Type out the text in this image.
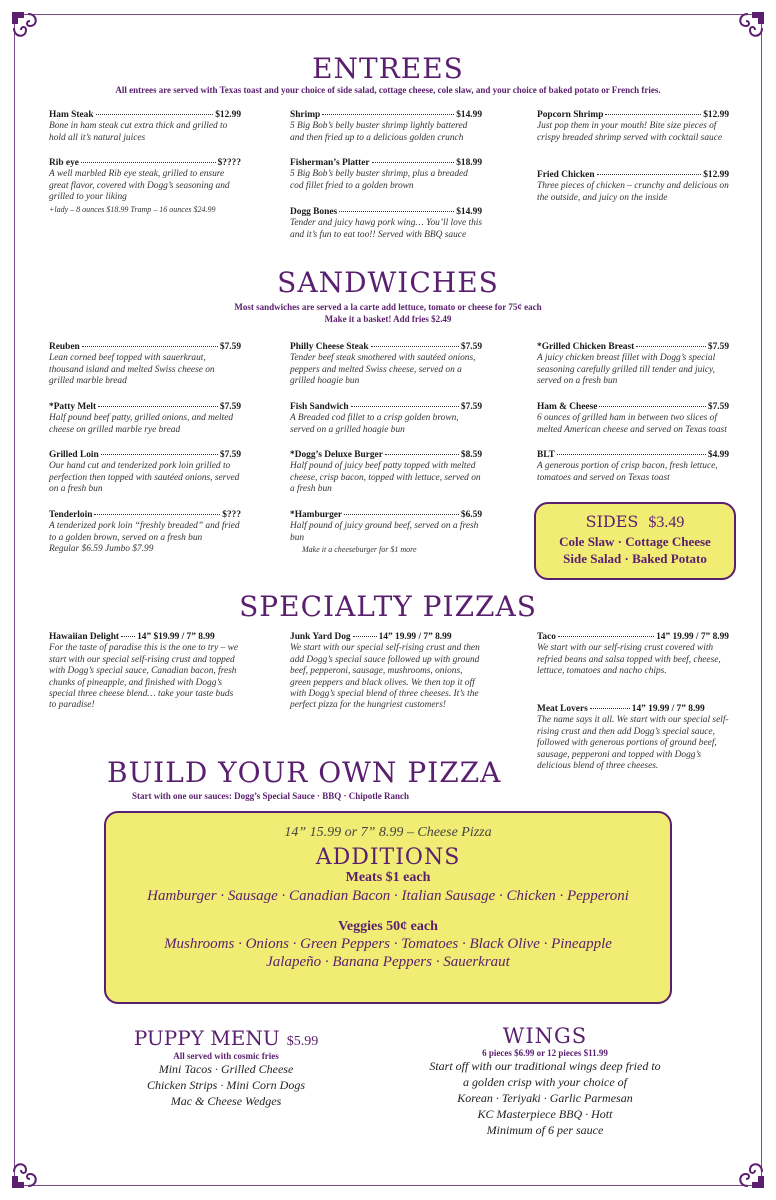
ENTREES
All entrees are served with Texas toast and your choice of side salad, cottage cheese, cole slaw, and your choice of baked potato or French fries.
Ham Steak	$12.99
Bone in ham steak cut extra thick and grilled to hold all it’s natural juices
Rib eye	$????
A well marbled Rib eye steak, grilled to ensure great flavor, covered with Dogg’s seasoning and grilled to your liking
+lady – 8 ounces $18.99 Tramp – 16 ounces $24.99
Shrimp	$14.99
5 Big Bob’s belly buster shrimp lightly battered and then fried up to a delicious golden crunch
Fisherman’s Platter	$18.99
5 Big Bob’s belly buster shrimp, plus a breaded cod fillet fried to a golden brown
Dogg Bones	$14.99
Tender and juicy hawg pork wing… You’ll love this and it’s fun to eat too!! Served with BBQ sauce
Popcorn Shrimp	$12.99
Just pop them in your mouth! Bite size pieces of crispy breaded shrimp served with cocktail sauce
Fried Chicken	$12.99
Three pieces of chicken – crunchy and delicious on the outside, and juicy on the inside
SANDWICHES
Most sandwiches are served a la carte add lettuce, tomato or cheese for 75¢ each
Make it a basket! Add fries $2.49
Reuben	$7.59
Lean corned beef topped with sauerkraut, thousand island and melted Swiss cheese on grilled marble bread
*Patty Melt	$7.59
Half pound beef patty, grilled onions, and melted cheese on grilled marble rye bread
Grilled Loin	$7.59
Our hand cut and tenderized pork loin grilled to perfection then topped with sautéed onions, served on a fresh bun
Tenderloin	$???
A tenderized pork loin “freshly breaded” and fried to a golden brown, served on a fresh bun
Regular $6.59 Jumbo $7.99
Philly Cheese Steak	$7.59
Tender beef steak smothered with sautéed onions, peppers and melted Swiss cheese, served on a grilled hoagie bun
Fish Sandwich	$7.59
A Breaded cod fillet to a crisp golden brown, served on a grilled hoagie bun
*Dogg’s Deluxe Burger	$8.59
Half pound of juicy beef patty topped with melted cheese, crisp bacon, topped with lettuce, served on a fresh bun
*Hamburger	$6.59
Half pound of juicy ground beef, served on a fresh bun
Make it a cheeseburger for $1 more
*Grilled Chicken Breast	$7.59
A juicy chicken breast fillet with Dogg’s special seasoning carefully grilled till tender and juicy, served on a fresh bun
Ham & Cheese	$7.59
6 ounces of grilled ham in between two slices of melted American cheese and served on Texas toast
BLT	$4.99
A generous portion of crisp bacon, fresh lettuce, tomatoes and served on Texas toast
SIDES $3.49
Cole Slaw · Cottage Cheese
Side Salad · Baked Potato
SPECIALTY PIZZAS
Hawaiian Delight 14” $19.99 / 7” 8.99
For the taste of paradise this is the one to try – we start with our special self-rising crust and topped with Dogg’s special sauce, Canadian bacon, fresh chunks of pineapple, and finished with Dogg’s special three cheese blend… take your taste buds to paradise!
Junk Yard Dog	14” 19.99 / 7” 8.99
We start with our special self-rising crust and then add Dogg’s special sauce followed up with ground beef, pepperoni, sausage, mushrooms, onions, green peppers and black olives. We then top it off with Dogg’s special blend of three cheeses. It’s the perfect pizza for the hungriest customers!
Taco	14” 19.99 / 7” 8.99
We start with our self-rising crust covered with refried beans and salsa topped with beef, cheese, lettuce, tomatoes and nacho chips.
Meat Lovers	14” 19.99 / 7” 8.99
The name says it all. We start with our special self-rising crust and then add Dogg’s special sauce, followed with generous portions of ground beef, sausage, pepperoni and topped with Dogg’s delicious blend of three cheeses.
BUILD YOUR OWN PIZZA
Start with one our sauces: Dogg’s Special Sauce · BBQ · Chipotle Ranch
14” 15.99 or 7” 8.99 – Cheese Pizza
ADDITIONS
Meats $1 each
Hamburger · Sausage · Canadian Bacon · Italian Sausage · Chicken · Pepperoni
Veggies 50¢ each
Mushrooms · Onions · Green Peppers · Tomatoes · Black Olive · Pineapple
Jalapeño · Banana Peppers · Sauerkraut
PUPPY MENU $5.99
All served with cosmic fries
Mini Tacos · Grilled Cheese
Chicken Strips · Mini Corn Dogs
Mac & Cheese Wedges
WINGS
6 pieces $6.99 or 12 pieces $11.99
Start off with our traditional wings deep fried to
a golden crisp with your choice of
Korean · Teriyaki · Garlic Parmesan
KC Masterpiece BBQ · Hott
Minimum of 6 per sauce
